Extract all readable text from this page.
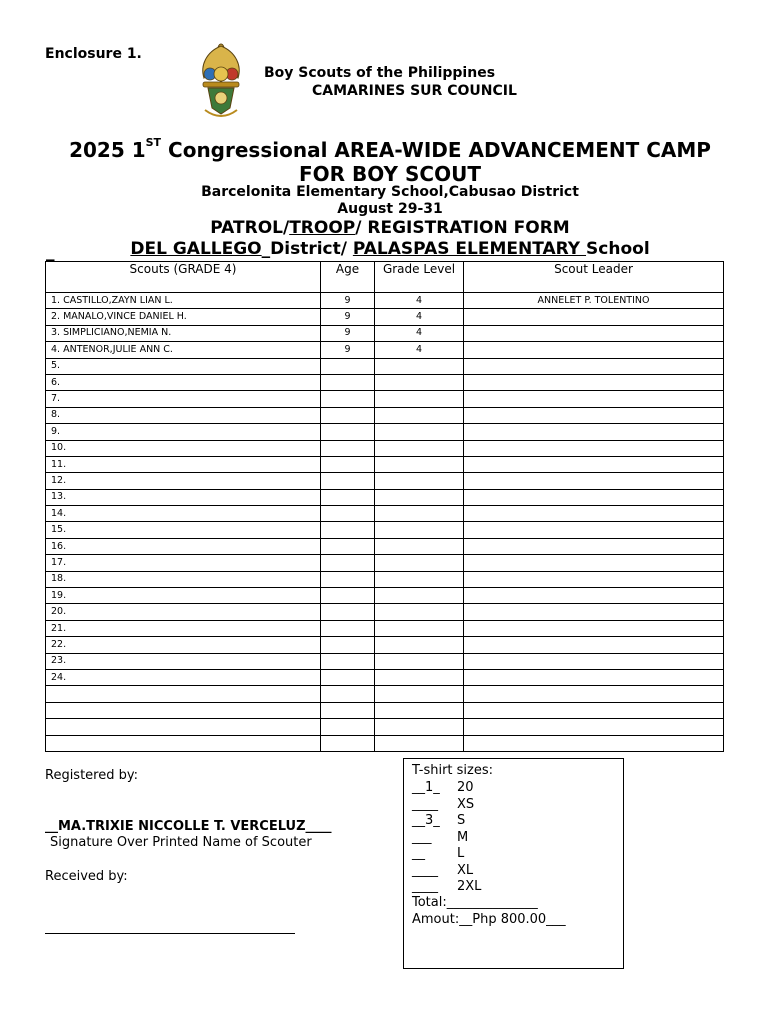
Enclosure 1.
Boy Scouts of the Philippines
CAMARINES SUR COUNCIL
2025 1ST Congressional AREA-WIDE ADVANCEMENT CAMP
FOR BOY SCOUT
Barcelonita Elementary School,Cabusao District
August 29-31
PATROL/TROOP/ REGISTRATION FORM
_	DEL GALLEGO_District/ PALASPAS ELEMENTARY School
Scouts (GRADE 4)	Age	Grade Level	Scout Leader
1. CASTILLO,ZAYN LIAN L.	9	4	ANNELET P. TOLENTINO
2. MANALO,VINCE DANIEL H.	9	4	
3. SIMPLICIANO,NEMIA N.	9	4	
4. ANTENOR,JULIE ANN C.	9	4	
5.			
6.			
7.			
8.			
9.			
10.			
11.			
12.			
13.			
14.			
15.			
16.			
17.			
18.			
19.			
20.			
21.			
22.			
23.			
24.			

Registered by:
__MA.TRIXIE NICCOLLE T. VERCELUZ____
Signature Over Printed Name of Scouter
Received by:
T-shirt sizes:
__1_ 20
____ XS
__3_ S
___ M
__ L
____ XL
____ 2XL
Total:______________
Amout:__Php 800.00___
